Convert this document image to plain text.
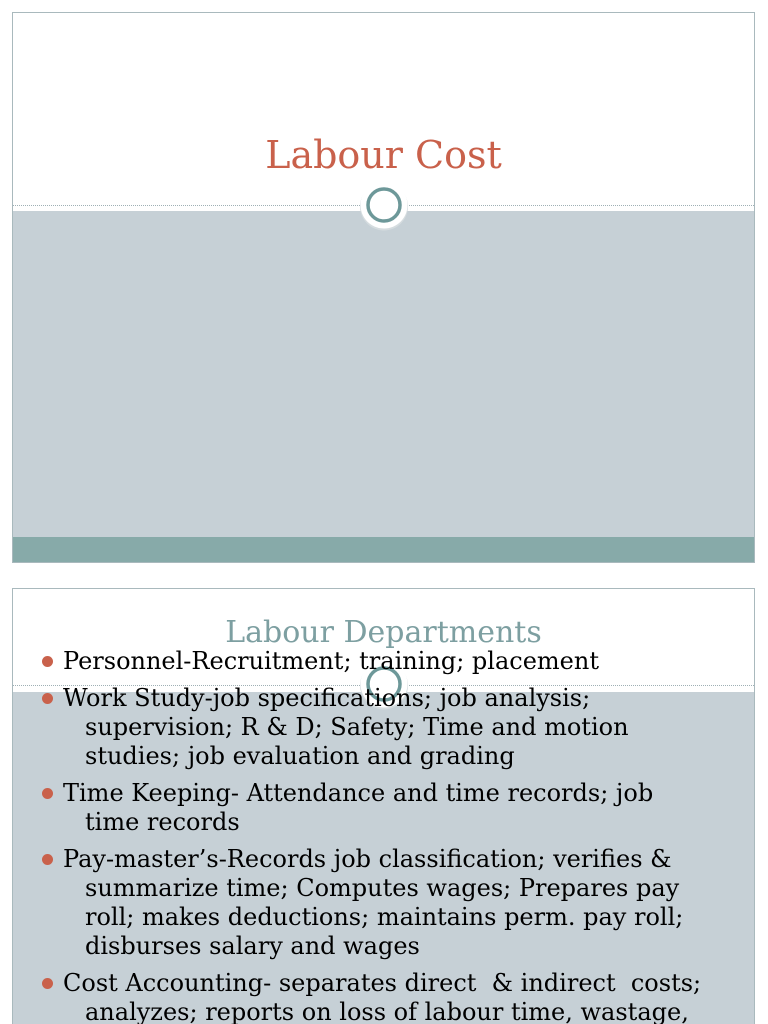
Labour Cost
Labour Departments
Personnel-Recruitment; training; placement
Work Study-job specifications; job analysis;
supervision; R & D; Safety; Time and motion
studies; job evaluation and grading
Time Keeping- Attendance and time records; job
time records
Pay-master’s-Records job classification; verifies &
summarize time; Computes wages; Prepares pay
roll; makes deductions; maintains perm. pay roll;
disburses salary and wages
Cost Accounting- separates direct  & indirect  costs;
analyzes; reports on loss of labour time, wastage,
